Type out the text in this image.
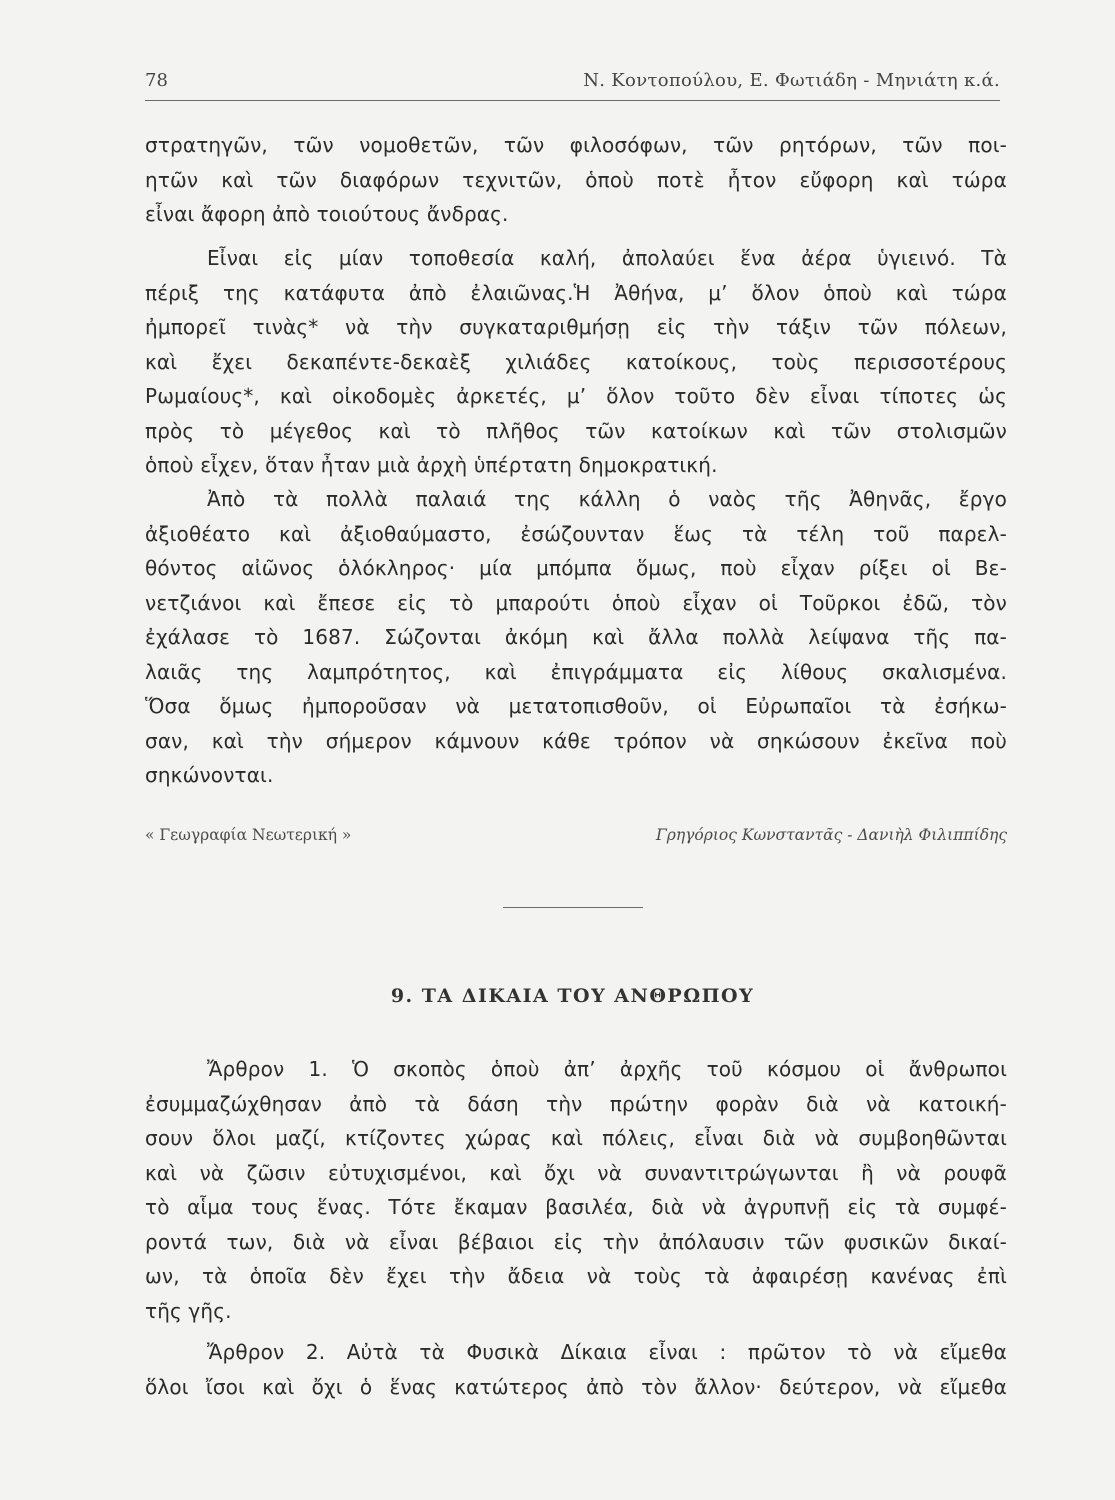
78	Ν. Κοντοπούλου, Ε. Φωτιάδη - Μηνιάτη κ.ά.
στρατηγῶν, τῶν νομοθετῶν, τῶν φιλοσόφων, τῶν ρητόρων, τῶν ποι-
ητῶν καὶ τῶν διαφόρων τεχνιτῶν, ὁποὺ ποτὲ ἦτον εὔφορη καὶ τώρα
εἶναι ἄφορη ἀπὸ τοιούτους ἄνδρας.
Εἶναι εἰς μίαν τοποθεσία καλή, ἀπολαύει ἕνα ἀέρα ὑγιεινό. Τὰ
πέριξ της κατάφυτα ἀπὸ ἐλαιῶνας.Ἡ Ἀθήνα, μ’ ὅλον ὁποὺ καὶ τώρα
ἠμπορεῖ τινὰς* νὰ τὴν συγκαταριθμήσῃ εἰς τὴν τάξιν τῶν πόλεων,
καὶ ἔχει δεκαπέντε-δεκαὲξ χιλιάδες κατοίκους, τοὺς περισσοτέρους
Ρωμαίους*, καὶ οἰκοδομὲς ἀρκετές, μ’ ὅλον τοῦτο δὲν εἶναι τίποτες ὡς
πρὸς τὸ μέγεθος καὶ τὸ πλῆθος τῶν κατοίκων καὶ τῶν στολισμῶν
ὁποὺ εἶχεν, ὅταν ἦταν μιὰ ἀρχὴ ὑπέρτατη δημοκρατική.
Ἀπὸ τὰ πολλὰ παλαιά της κάλλη ὁ ναὸς τῆς Ἀθηνᾶς, ἔργο
ἀξιοθέατο καὶ ἀξιοθαύμαστο, ἐσώζουνταν ἕως τὰ τέλη τοῦ παρελ-
θόντος αἰῶνος ὁλόκληρος· μία μπόμπα ὅμως, ποὺ εἶχαν ρίξει οἱ Βε-
νετζιάνοι καὶ ἔπεσε εἰς τὸ μπαρούτι ὁποὺ εἶχαν οἱ Τοῦρκοι ἐδῶ, τὸν
ἐχάλασε τὸ 1687. Σώζονται ἀκόμη καὶ ἄλλα πολλὰ λείψανα τῆς πα-
λαιᾶς της λαμπρότητος, καὶ ἐπιγράμματα εἰς λίθους σκαλισμένα.
Ὅσα ὅμως ἠμποροῦσαν νὰ μετατοπισθοῦν, οἱ Εὐρωπαῖοι τὰ ἐσήκω-
σαν, καὶ τὴν σήμερον κάμνουν κάθε τρόπον νὰ σηκώσουν ἐκεῖνα ποὺ
σηκώνονται.
« Γεωγραφία Νεωτερική »	Γρηγόριος Κωνσταντᾶς - Δανιὴλ Φιλιππίδης
9. ΤΑ ΔΙΚΑΙΑ ΤΟΥ ΑΝΘΡΩΠΟΥ
Ἄρθρον 1. Ὁ σκοπὸς ὁποὺ ἀπ’ ἀρχῆς τοῦ κόσμου οἱ ἄνθρωποι
ἐσυμμαζώχθησαν ἀπὸ τὰ δάση τὴν πρώτην φορὰν διὰ νὰ κατοική-
σουν ὅλοι μαζί, κτίζοντες χώρας καὶ πόλεις, εἶναι διὰ νὰ συμβοηθῶνται
καὶ νὰ ζῶσιν εὐτυχισμένοι, καὶ ὄχι νὰ συναντιτρώγωνται ἢ νὰ ρουφᾶ
τὸ αἷμα τους ἕνας. Τότε ἔκαμαν βασιλέα, διὰ νὰ ἀγρυπνῇ εἰς τὰ συμφέ-
ροντά των, διὰ νὰ εἶναι βέβαιοι εἰς τὴν ἀπόλαυσιν τῶν φυσικῶν δικαί-
ων, τὰ ὁποῖα δὲν ἔχει τὴν ἄδεια νὰ τοὺς τὰ ἀφαιρέσῃ κανένας ἐπὶ
τῆς γῆς.
Ἄρθρον 2. Αὐτὰ τὰ Φυσικὰ Δίκαια εἶναι : πρῶτον τὸ νὰ εἴμεθα
ὅλοι ἴσοι καὶ ὄχι ὁ ἕνας κατώτερος ἀπὸ τὸν ἄλλον· δεύτερον, νὰ εἴμεθα
